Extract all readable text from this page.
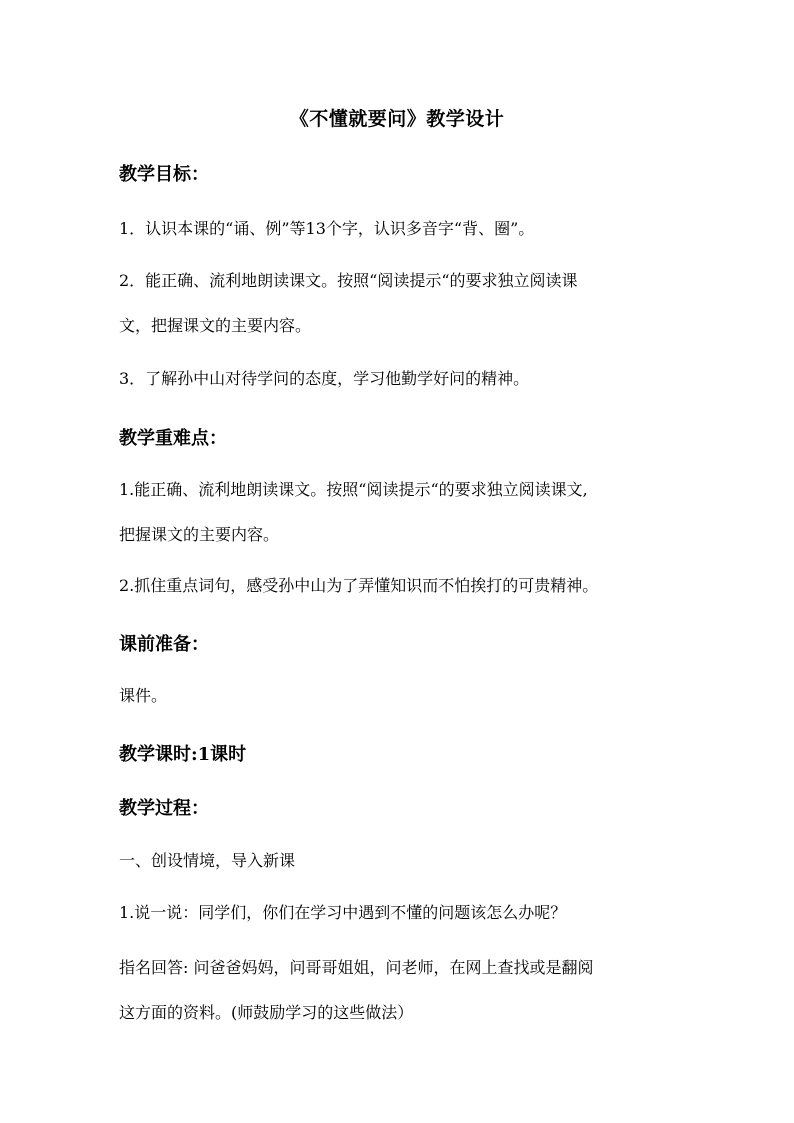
《不懂就要问》教学设计
教学目标：
1．认识本课的“诵、例”等13个字，认识多音字“背、圈”。
2．能正确、流利地朗读课文。按照“阅读提示“的要求独立阅读课
文，把握课文的主要内容。
3．了解孙中山对待学问的态度，学习他勤学好问的精神。
教学重难点：
1.能正确、流利地朗读课文。按照“阅读提示“的要求独立阅读课文,
把握课文的主要内容。
2.抓住重点词句，感受孙中山为了弄懂知识而不怕挨打的可贵精神。
课前准备：
课件。
教学课时:1课时
教学过程：
一、创设情境，导入新课
1.说一说：同学们，你们在学习中遇到不懂的问题该怎么办呢？
指名回答: 问爸爸妈妈，问哥哥姐姐，问老师，在网上查找或是翻阅
这方面的资料。(师鼓励学习的这些做法）
